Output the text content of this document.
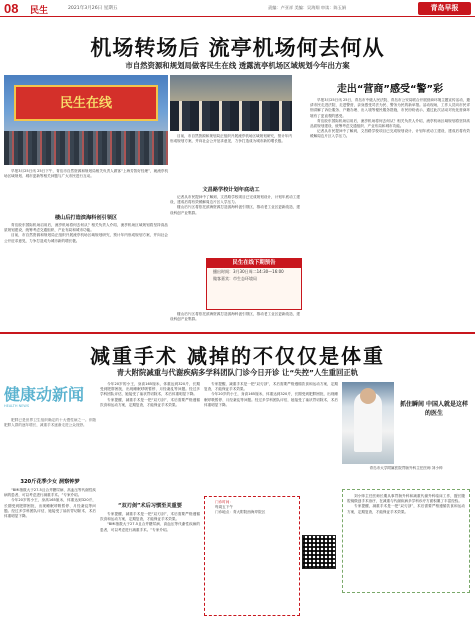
08 民生	2021年3月26日 星期五	责编：卢亚祥 美编：吴海翔 审读：陈玉娟	青岛早报
机场转场后 流亭机场何去何从
市自然资源和规划局做客民生在线 透露流亭机场区域规划今年出方案
民生在线

早报3月25日讯 25日下午，青岛市自然资源和规划局相关负责人做客“上海芳智好经理”，就流亭机场区域规划、城市更新等相关问题与广大市民进行互动。

楼山后打造滨海科创引领区

青岛胶东国际机场启用后，流亭机场将何去何从？相关负责人介绍，流亭机场区域规划将坚持高品质规划建设，统筹考虑交通组织、产业布局和城市功能。

目前，市自然资源和规划局正组织开展流亭机场区域规划研究，预计年内形成规划方案，并向社会公开征求意见，力争打造成为城市新的增长极。

目前，市自然资源和规划局正组织开展流亭机场区域规划研究，预计年内形成规划方案，并向社会公开征求意见，力争打造成为城市新的增长极。

文昌路学校计划年底动工

记者从市民提问中了解到，文昌路学校项目已完成规划设计，计划年底动工建设，建成后将有效缓解周边片区入学压力。

楼山后片区将依托滨海资源打造滨海科创引领区，推动老工业区更新改造，建设科创产业集群。

民生在线下期预告
播出时间：3月30日周二14:30—16:00
做客嘉宾：市生态环境局

楼山后片区将依托滨海资源打造滨海科创引领区，推动老工业区更新改造，建设科创产业集群。

走出“营商”感受“警”彩

早报3月25日讯 25日，青岛市中级人民法院、青岛市公安局联合开展营商环境主题宣传活动，邀请市民走进法院、走进警营，亲身感受司法为民、警务为民的新举措。活动现场，工作人员向市民详细讲解了诉讼服务、户籍办理、出入境等便民服务措施，市民纷纷表示，通过此次活动对优化营商环境有了更直观的感受。

青岛胶东国际机场启用后，流亭机场将何去何从？相关负责人介绍，流亭机场区域规划将坚持高品质规划建设，统筹考虑交通组织、产业布局和城市功能。

记者从市民提问中了解到，文昌路学校项目已完成规划设计，计划年底动工建设，建成后将有效缓解周边片区入学压力。

减重手术 减掉的不仅仅是体重
青大附院减重与代谢疾病多学科团队门诊今日开诊 让“失控”人生重回正轨
健康动新闻
HEALTH NEWS

肥胖已是世界卫生组织确定的十大慢性病之一。伴随肥胖人群的逐年增长，减重手术逐渐走进公众视野。

320斤花季少女 洞察钟梦

“BMI指数大于27.5且合并糖尿病、高血压等代谢性疾病的患者，可以考虑进行减重手术。”专家介绍。

今年20岁的小王，身高165厘米，体重达到320斤，长期受到肥胖困扰，出现睡眠呼吸暂停、月经紊乱等问题。经过多学科团队评估，她接受了袖状胃切除术，术后体重明显下降。

今年20岁的小王，身高165厘米，体重达到320斤，长期受到肥胖困扰，出现睡眠呼吸暂停、月经紊乱等问题。经过多学科团队评估，她接受了袖状胃切除术，术后体重明显下降。

专家提醒，减重手术是一把“双刃剑”，术后需要严格遵循饮食和运动方案，定期复查，才能保证手术效果。

“双刃剑”术后习惯至关重要

专家提醒，减重手术是一把“双刃剑”，术后需要严格遵循饮食和运动方案，定期复查，才能保证手术效果。

“BMI指数大于27.5且合并糖尿病、高血压等代谢性疾病的患者，可以考虑进行减重手术。”专家介绍。

专家提醒，减重手术是一把“双刃剑”，术后需要严格遵循饮食和运动方案，定期复查，才能保证手术效果。

今年20岁的小王，身高165厘米，体重达到320斤，长期受到肥胖困扰，出现睡眠呼吸暂停、月经紊乱等问题。经过多学科团队评估，她接受了袖状胃切除术，术后体重明显下降。

门诊时间：

每周五下午

门诊地点：青大附院西海岸院区

青岛市大学附属医院胃肠外科主任医师 刘小帅
抓住瞬间 中国人就是这样的医生

刘小帅主任医师长期从事胃肠外科和减重代谢外科临床工作，擅长腹腔镜微创手术治疗，在减重与代谢疾病多学科诊疗方面积累了丰富经验。

专家提醒，减重手术是一把“双刃剑”，术后需要严格遵循饮食和运动方案，定期复查，才能保证手术效果。
